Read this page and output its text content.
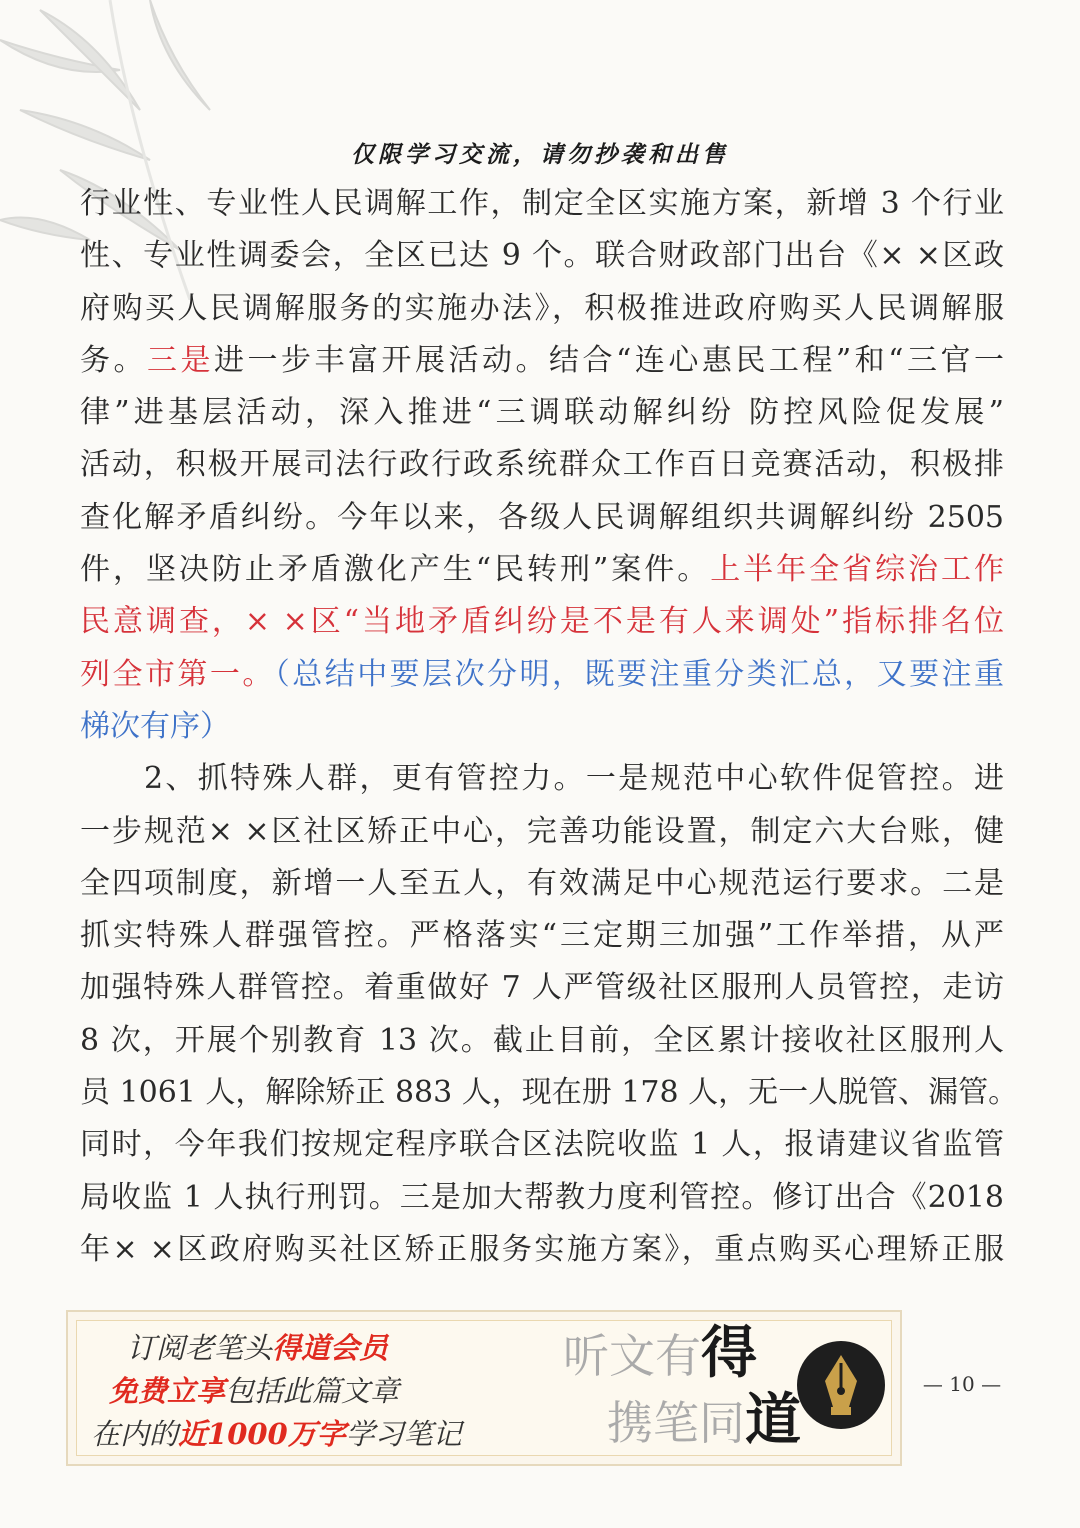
仅限学习交流，请勿抄袭和出售
行业性、专业性人民调解工作，制定全区实施方案，新增 3 个行业
性、专业性调委会，全区已达 9 个。联合财政部门出台《× ×区政
府购买人民调解服务的实施办法》，积极推进政府购买人民调解服
务。三是进一步丰富开展活动。结合“连心惠民工程”和“三官一
律”进基层活动，深入推进“三调联动解纠纷 防控风险促发展”
活动，积极开展司法行政行政系统群众工作百日竞赛活动，积极排
查化解矛盾纠纷。今年以来，各级人民调解组织共调解纠纷 2505
件，坚决防止矛盾激化产生“民转刑”案件。上半年全省综治工作
民意调查，× ×区“当地矛盾纠纷是不是有人来调处”指标排名位
列全市第一。（总结中要层次分明，既要注重分类汇总，又要注重
梯次有序）
2、抓特殊人群，更有管控力。一是规范中心软件促管控。进
一步规范× ×区社区矫正中心，完善功能设置，制定六大台账，健
全四项制度，新增一人至五人，有效满足中心规范运行要求。二是
抓实特殊人群强管控。严格落实“三定期三加强”工作举措，从严
加强特殊人群管控。着重做好 7 人严管级社区服刑人员管控，走访
8 次，开展个别教育 13 次。截止目前，全区累计接收社区服刑人
员 1061 人，解除矫正 883 人，现在册 178 人，无一人脱管、漏管。
同时，今年我们按规定程序联合区法院收监 1 人，报请建议省监管
局收监 1 人执行刑罚。三是加大帮教力度利管控。修订出合《2018
年× ×区政府购买社区矫正服务实施方案》，重点购买心理矫正服
订阅老笔头得道会员
免费立享包括此篇文章
在内的近1000万字学习笔记
听文有得
携笔同道
— 10 —
